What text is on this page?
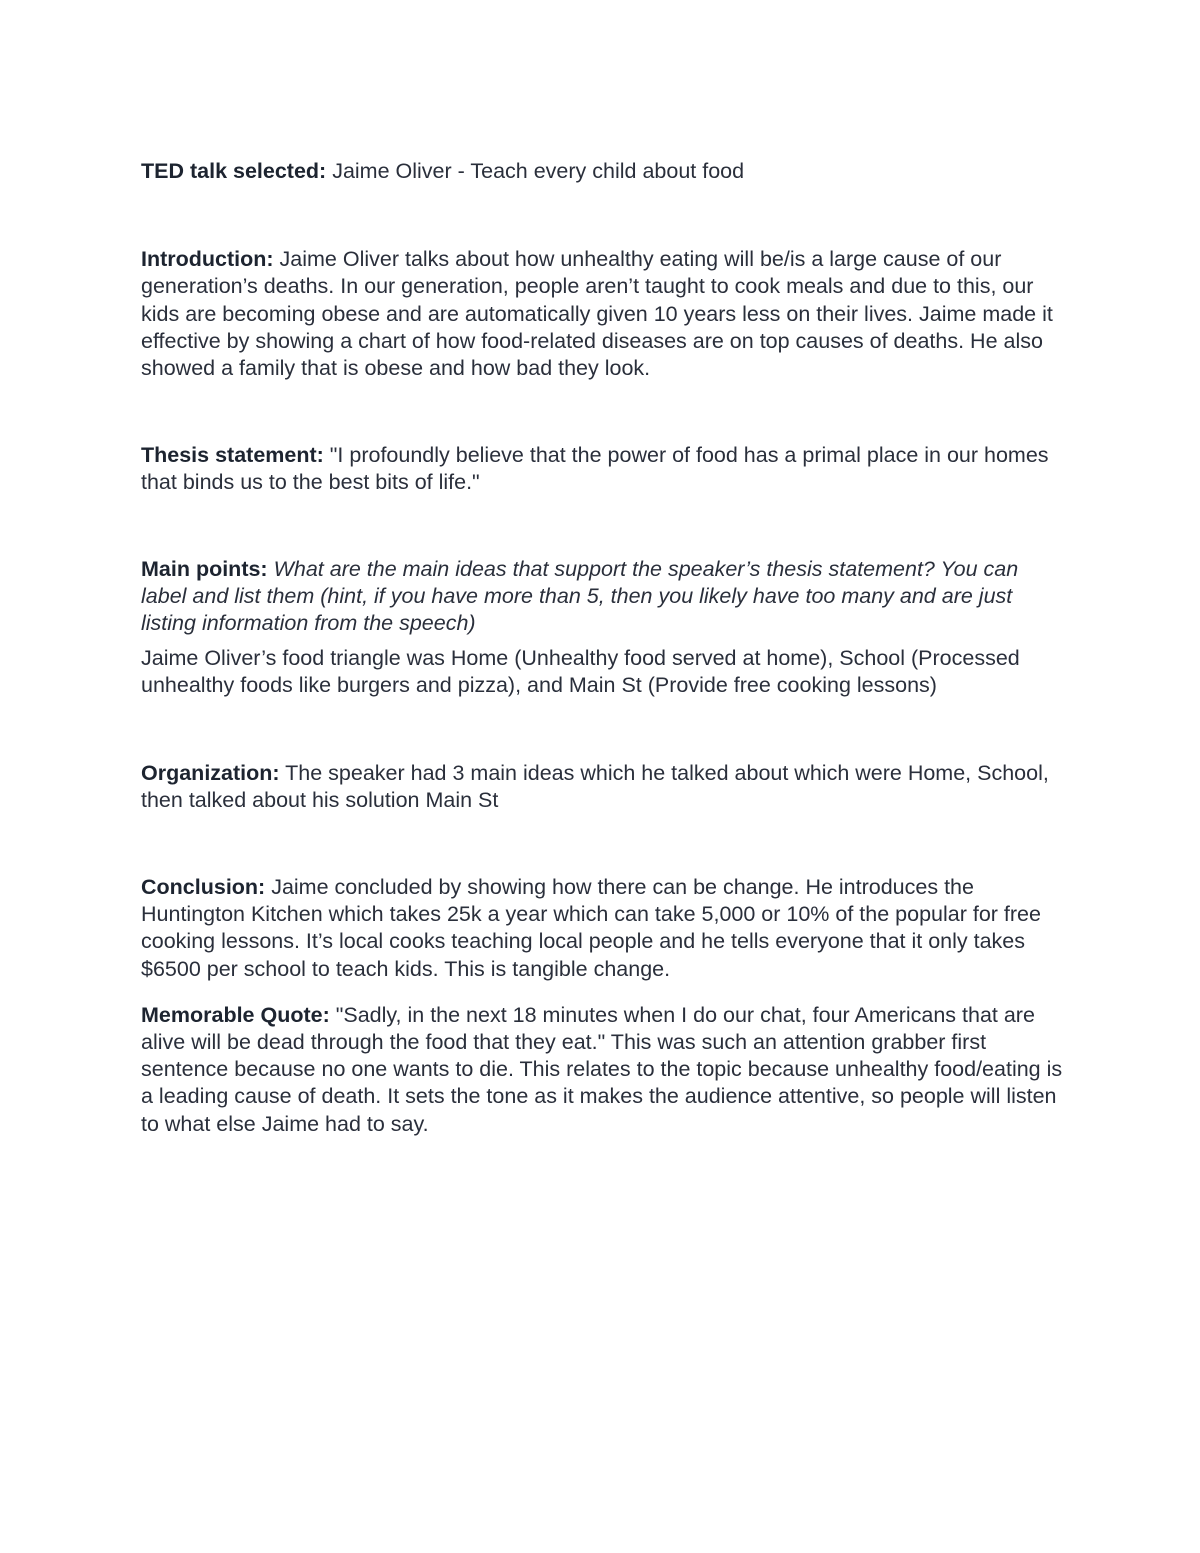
TED talk selected: Jaime Oliver - Teach every child about food

Introduction: Jaime Oliver talks about how unhealthy eating will be/is a large cause of our generation’s deaths. In our generation, people aren’t taught to cook meals and due to this, our kids are becoming obese and are automatically given 10 years less on their lives. Jaime made it effective by showing a chart of how food-related diseases are on top causes of deaths. He also showed a family that is obese and how bad they look.

Thesis statement: "I profoundly believe that the power of food has a primal place in our homes that binds us to the best bits of life."

Main points: What are the main ideas that support the speaker’s thesis statement? You can label and list them (hint, if you have more than 5, then you likely have too many and are just listing information from the speech)

Jaime Oliver’s food triangle was Home (Unhealthy food served at home), School (Processed unhealthy foods like burgers and pizza), and Main St (Provide free cooking lessons)

Organization: The speaker had 3 main ideas which he talked about which were Home, School, then talked about his solution Main St

Conclusion: Jaime concluded by showing how there can be change. He introduces the Huntington Kitchen which takes 25k a year which can take 5,000 or 10% of the popular for free cooking lessons. It’s local cooks teaching local people and he tells everyone that it only takes $6500 per school to teach kids. This is tangible change.

Memorable Quote: "Sadly, in the next 18 minutes when I do our chat, four Americans that are alive will be dead through the food that they eat." This was such an attention grabber first sentence because no one wants to die. This relates to the topic because unhealthy food/eating is a leading cause of death. It sets the tone as it makes the audience attentive, so people will listen to what else Jaime had to say.
